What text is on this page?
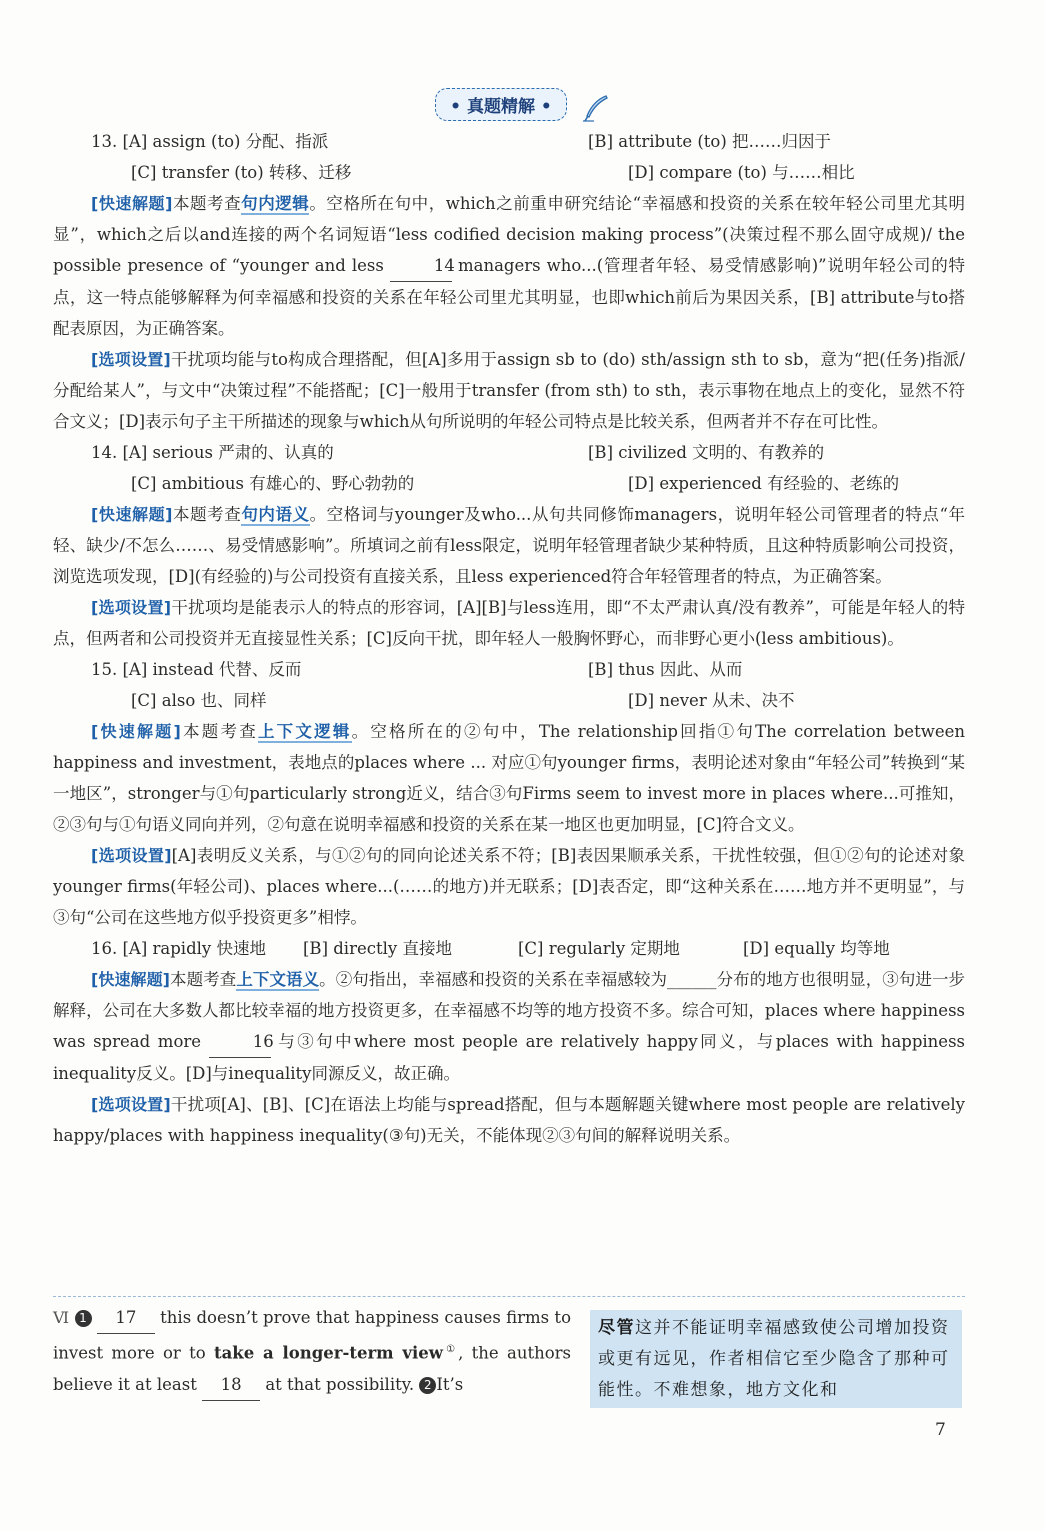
• 真题精解 •
13. [A] assign (to) 分配、指派	[B] attribute (to) 把……归因于
[C] transfer (to) 转移、迁移	[D] compare (to) 与……相比

[快速解题]本题考查句内逻辑。空格所在句中，which之前重申研究结论“幸福感和投资的关系在较年轻公司里尤其明显”，which之后以and连接的两个名词短语“less codified decision making process”(决策过程不那么固守成规)/ the possible presence of “younger and less	14 managers who...(管理者年轻、易受情感影响)”说明年轻公司的特点，这一特点能够解释为何幸福感和投资的关系在年轻公司里尤其明显，也即which前后为果因关系，[B] attribute与to搭配表原因，为正确答案。

[选项设置]干扰项均能与to构成合理搭配，但[A]多用于assign sb to (do) sth/assign sth to sb，意为“把(任务)指派/分配给某人”，与文中“决策过程”不能搭配；[C]一般用于transfer (from sth) to sth，表示事物在地点上的变化，显然不符合文义；[D]表示句子主干所描述的现象与which从句所说明的年轻公司特点是比较关系，但两者并不存在可比性。

14. [A] serious 严肃的、认真的	[B] civilized 文明的、有教养的
[C] ambitious 有雄心的、野心勃勃的	[D] experienced 有经验的、老练的

[快速解题]本题考查句内语义。空格词与younger及who...从句共同修饰managers，说明年轻公司管理者的特点“年轻、缺少/不怎么……、易受情感影响”。所填词之前有less限定，说明年轻管理者缺少某种特质，且这种特质影响公司投资，浏览选项发现，[D](有经验的)与公司投资有直接关系，且less experienced符合年轻管理者的特点，为正确答案。

[选项设置]干扰项均是能表示人的特点的形容词，[A][B]与less连用，即“不太严肃认真/没有教养”，可能是年轻人的特点，但两者和公司投资并无直接显性关系；[C]反向干扰，即年轻人一般胸怀野心，而非野心更小(less ambitious)。

15. [A] instead 代替、反而	[B] thus 因此、从而
[C] also 也、同样	[D] never 从未、决不

[快速解题]本题考查上下文逻辑。空格所在的②句中，The relationship回指①句The correlation between happiness and investment，表地点的places where ... 对应①句younger firms，表明论述对象由“年轻公司”转换到“某一地区”，stronger与①句particularly strong近义，结合③句Firms seem to invest more in places where...可推知，②③句与①句语义同向并列，②句意在说明幸福感和投资的关系在某一地区也更加明显，[C]符合文义。

[选项设置][A]表明反义关系，与①②句的同向论述关系不符；[B]表因果顺承关系，干扰性较强，但①②句的论述对象younger firms(年轻公司)、places where...(……的地方)并无联系；[D]表否定，即“这种关系在……地方并不更明显”，与③句“公司在这些地方似乎投资更多”相悖。

16. [A] rapidly 快速地	[B] directly 直接地	[C] regularly 定期地	[D] equally 均等地

[快速解题]本题考查上下文语义。②句指出，幸福感和投资的关系在幸福感较为______分布的地方也很明显，③句进一步解释，公司在大多数人都比较幸福的地方投资更多，在幸福感不均等的地方投资不多。综合可知，places where happiness was spread more	16 与③句中where most people are relatively happy同义，与places with happiness inequality反义。[D]与inequality同源反义，故正确。

[选项设置]干扰项[A]、[B]、[C]在语法上均能与spread搭配，但与本题解题关键where most people are relatively happy/places with happiness inequality(③句)无关，不能体现②③句间的解释说明关系。

Ⅵ 1 17 this doesn’t prove that happiness causes firms to invest more or to take a longer-term view①, the authors believe it at least 18 at that possibility. 2 It’s
尽管这并不能证明幸福感致使公司增加投资或更有远见，作者相信它至少隐含了那种可能性。不难想象，地方文化和
7
